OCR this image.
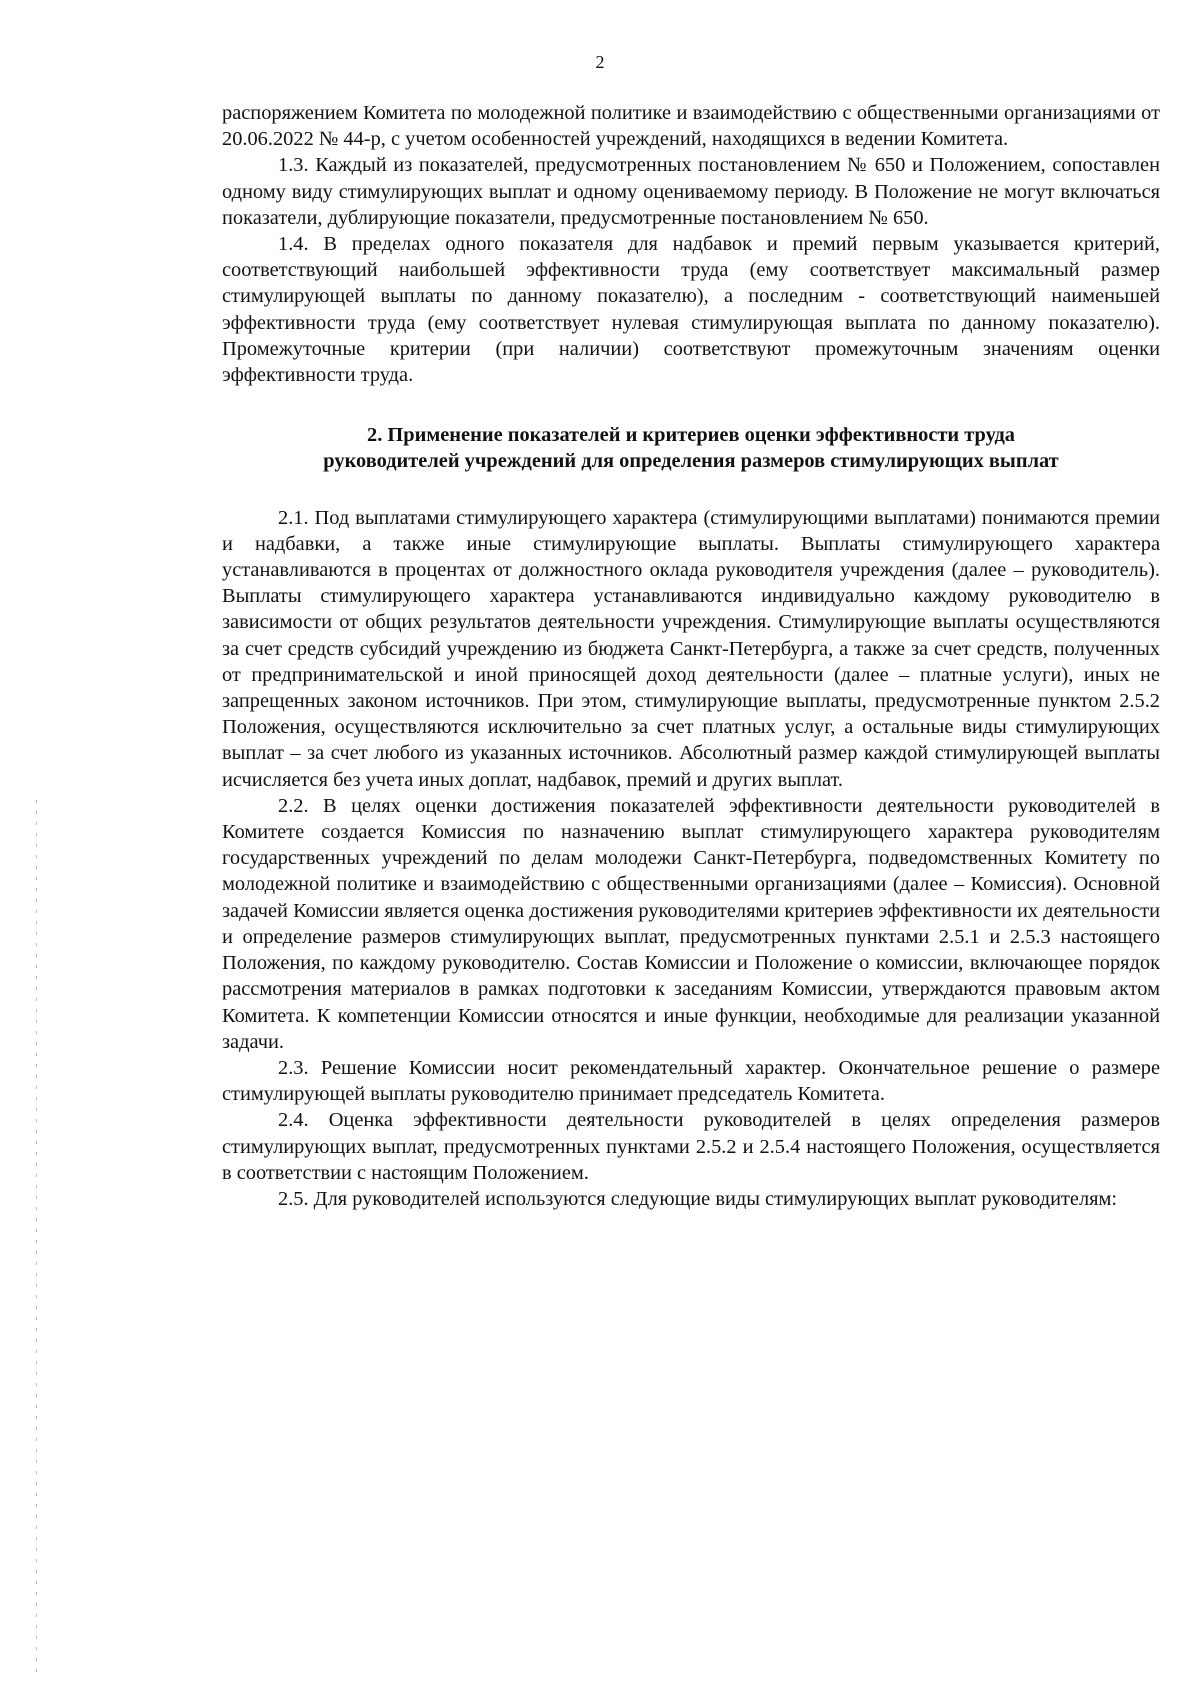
2

распоряжением Комитета по молодежной политике и взаимодействию с общественными организациями от 20.06.2022 № 44-р, с учетом особенностей учреждений, находящихся в ведении Комитета.

1.3. Каждый из показателей, предусмотренных постановлением № 650 и Положением, сопоставлен одному виду стимулирующих выплат и одному оцениваемому периоду. В Положение не могут включаться показатели, дублирующие показатели, предусмотренные постановлением № 650.

1.4. В пределах одного показателя для надбавок и премий первым указывается критерий, соответствующий наибольшей эффективности труда (ему соответствует максимальный размер стимулирующей выплаты по данному показателю), а последним - соответствующий наименьшей эффективности труда (ему соответствует нулевая стимулирующая выплата по данному показателю). Промежуточные критерии (при наличии) соответствуют промежуточным значениям оценки эффективности труда.

2. Применение показателей и критериев оценки эффективности труда
руководителей учреждений для определения размеров стимулирующих выплат

2.1. Под выплатами стимулирующего характера (стимулирующими выплатами) понимаются премии и надбавки, а также иные стимулирующие выплаты. Выплаты стимулирующего характера устанавливаются в процентах от должностного оклада руководителя учреждения (далее – руководитель). Выплаты стимулирующего характера устанавливаются индивидуально каждому руководителю в зависимости от общих результатов деятельности учреждения. Стимулирующие выплаты осуществляются за счет средств субсидий учреждению из бюджета Санкт-Петербурга, а также за счет средств, полученных от предпринимательской и иной приносящей доход деятельности (далее – платные услуги), иных не запрещенных законом источников. При этом, стимулирующие выплаты, предусмотренные пунктом 2.5.2 Положения, осуществляются исключительно за счет платных услуг, а остальные виды стимулирующих выплат – за счет любого из указанных источников. Абсолютный размер каждой стимулирующей выплаты исчисляется без учета иных доплат, надбавок, премий и других выплат.

2.2. В целях оценки достижения показателей эффективности деятельности руководителей в Комитете создается Комиссия по назначению выплат стимулирующего характера руководителям государственных учреждений по делам молодежи Санкт-Петербурга, подведомственных Комитету по молодежной политике и взаимодействию с общественными организациями (далее – Комиссия). Основной задачей Комиссии является оценка достижения руководителями критериев эффективности их деятельности и определение размеров стимулирующих выплат, предусмотренных пунктами 2.5.1 и 2.5.3 настоящего Положения, по каждому руководителю. Состав Комиссии и Положение о комиссии, включающее порядок рассмотрения материалов в рамках подготовки к заседаниям Комиссии, утверждаются правовым актом Комитета. К компетенции Комиссии относятся и иные функции, необходимые для реализации указанной задачи.

2.3. Решение Комиссии носит рекомендательный характер. Окончательное решение о размере стимулирующей выплаты руководителю принимает председатель Комитета.

2.4. Оценка эффективности деятельности руководителей в целях определения размеров стимулирующих выплат, предусмотренных пунктами 2.5.2 и 2.5.4 настоящего Положения, осуществляется в соответствии с настоящим Положением.

2.5. Для руководителей используются следующие виды стимулирующих выплат руководителям:
